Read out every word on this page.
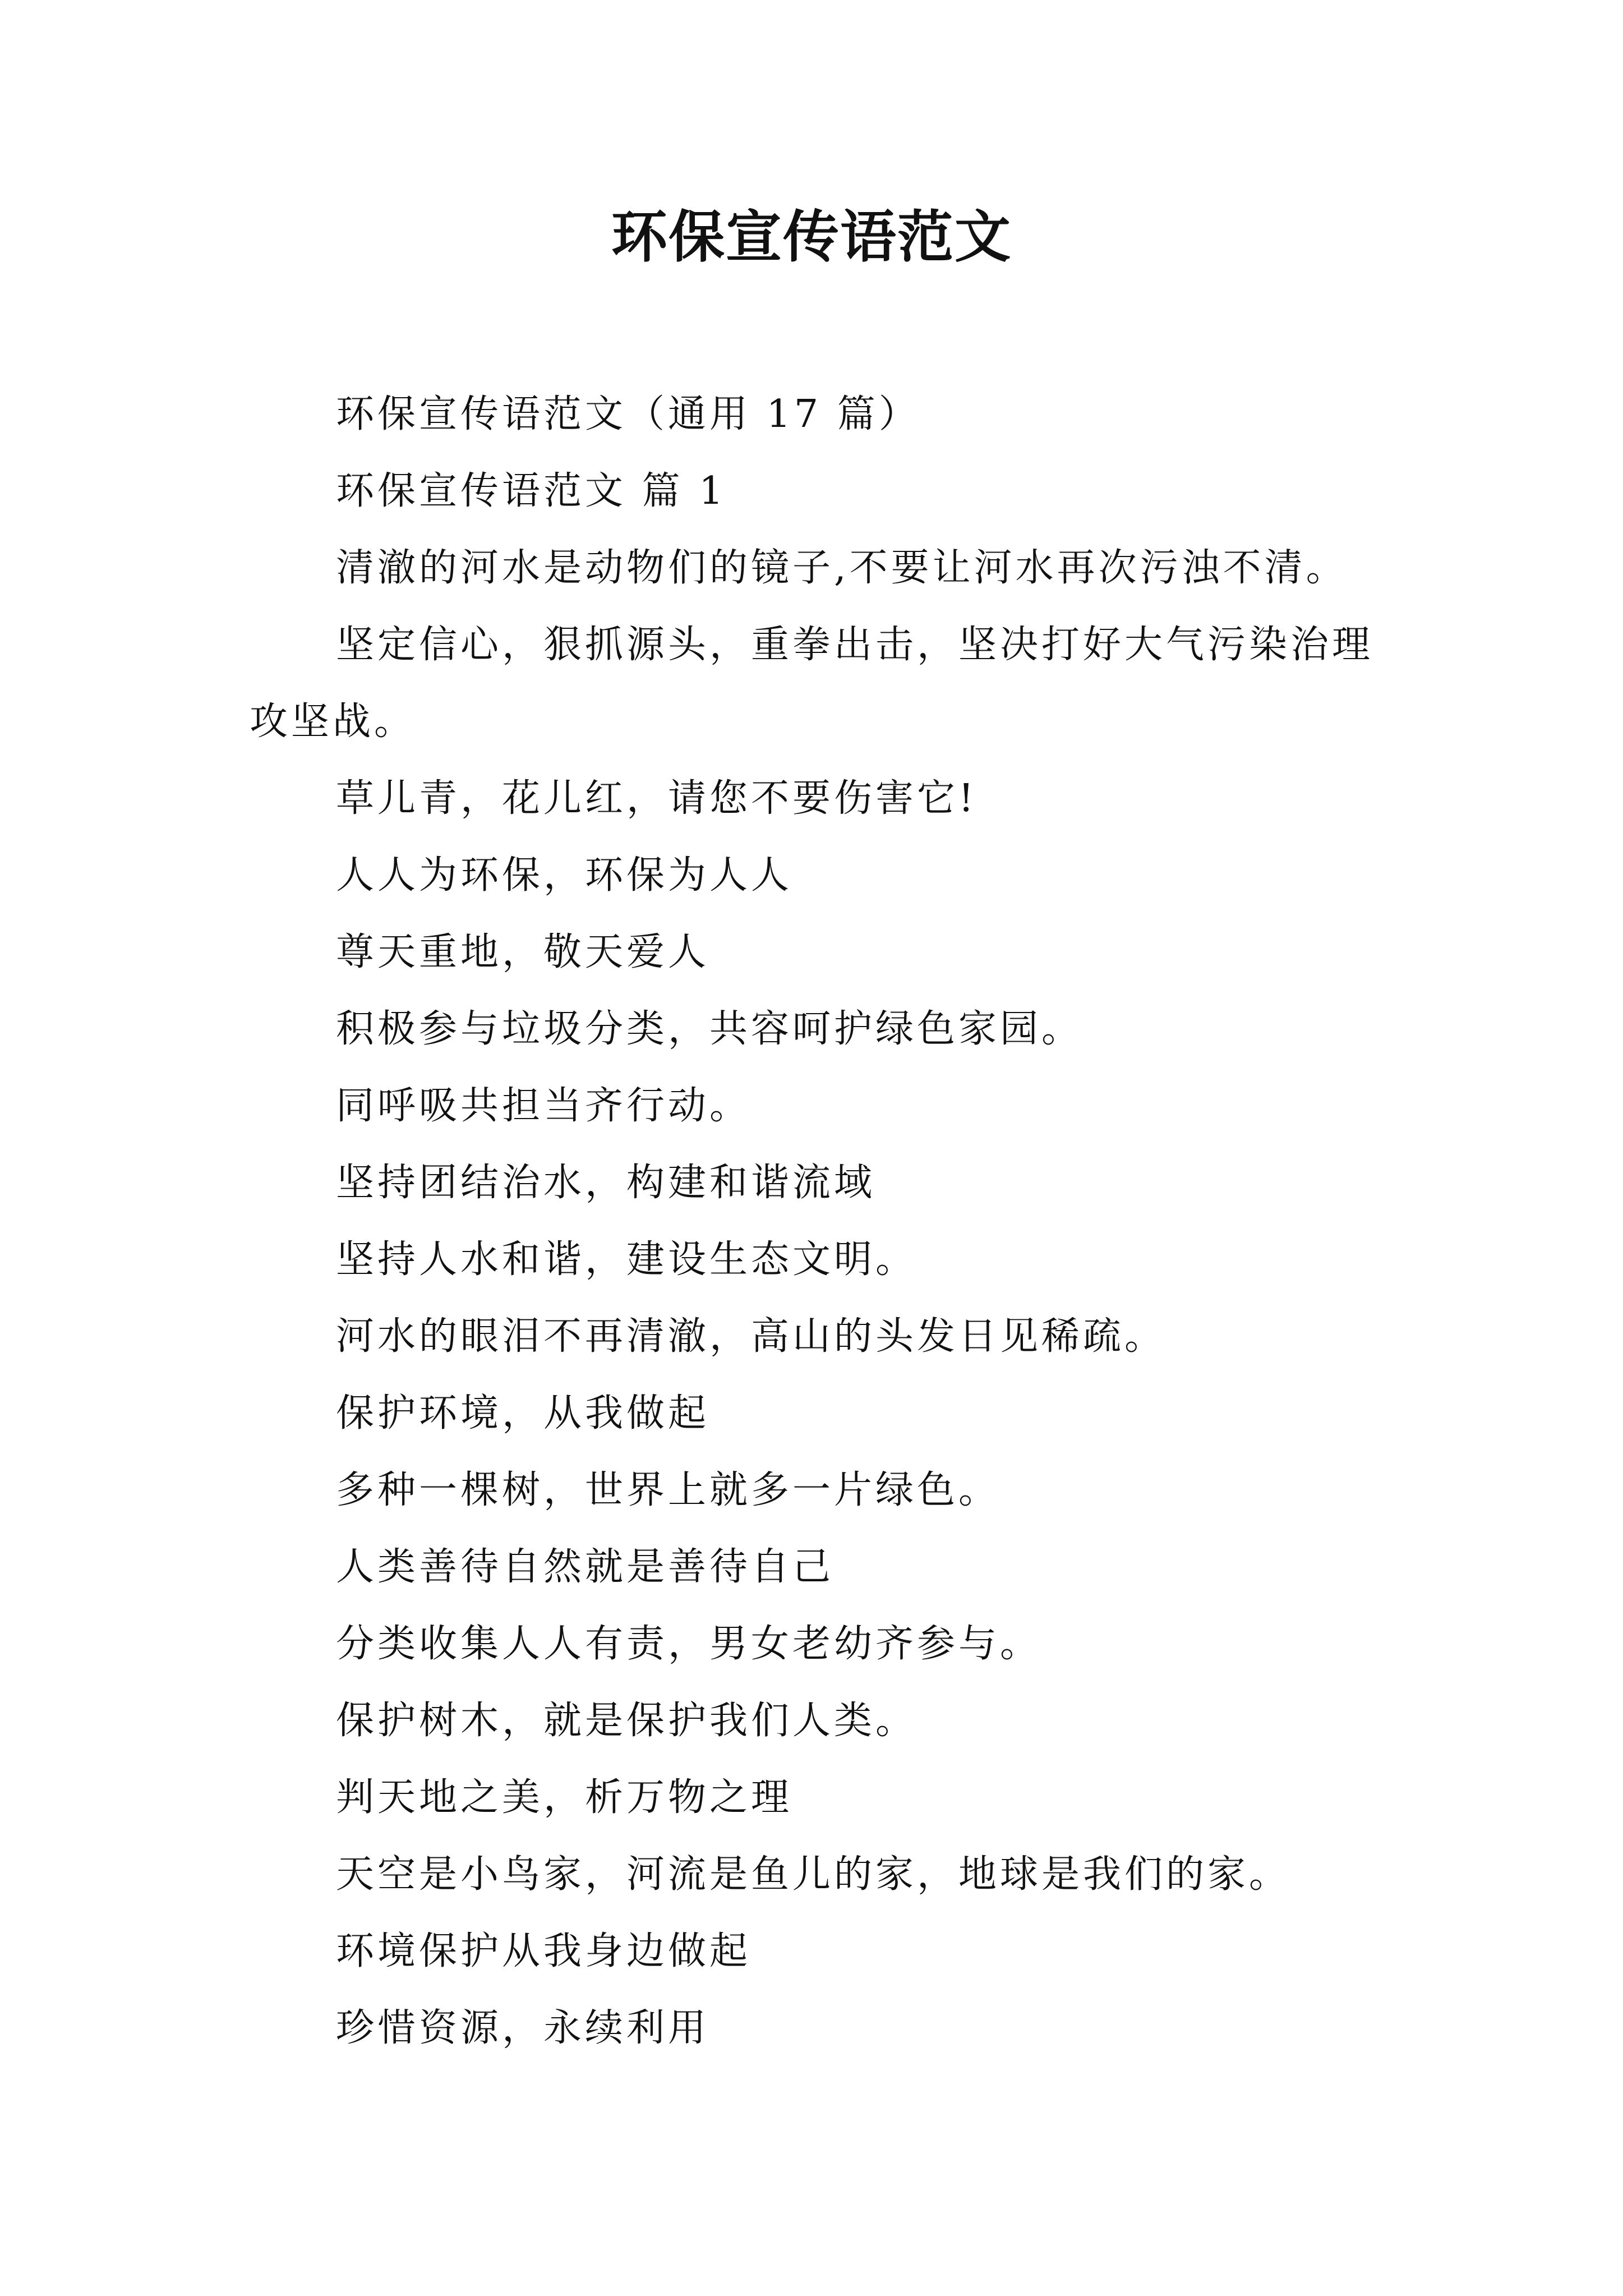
环保宣传语范文

环保宣传语范文（通用 17 篇）

环保宣传语范文 篇 1

清澈的河水是动物们的镜子,不要让河水再次污浊不清。

坚定信心，狠抓源头，重拳出击，坚决打好大气污染治理攻坚战。

草儿青，花儿红，请您不要伤害它!

人人为环保，环保为人人

尊天重地，敬天爱人

积极参与垃圾分类，共容呵护绿色家园。

同呼吸共担当齐行动。

坚持团结治水，构建和谐流域

坚持人水和谐，建设生态文明。

河水的眼泪不再清澈，高山的头发日见稀疏。

保护环境，从我做起

多种一棵树，世界上就多一片绿色。

人类善待自然就是善待自己

分类收集人人有责，男女老幼齐参与。

保护树木，就是保护我们人类。

判天地之美，析万物之理

天空是小鸟家，河流是鱼儿的家，地球是我们的家。

环境保护从我身边做起

珍惜资源，永续利用
